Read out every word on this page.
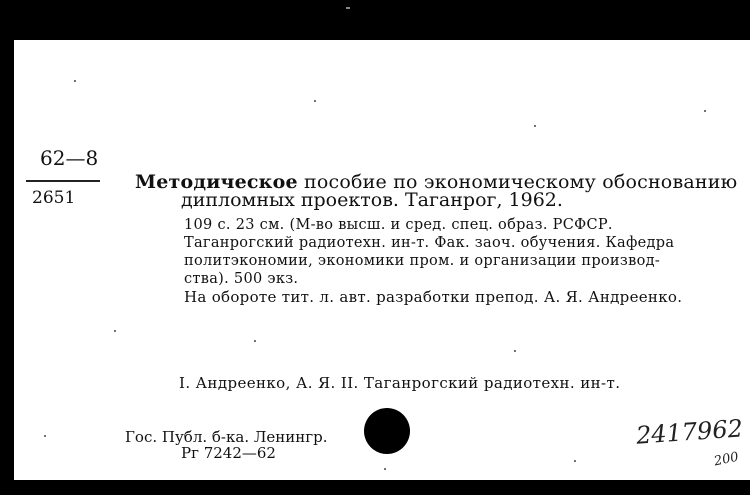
62—8
2651
Методическое пособие по экономическому обоснованию
дипломных проектов. Таганрог, 1962.
109 с. 23 см. (М-во высш. и сред. спец. образ. РСФСР.
Таганрогский радиотехн. ин-т. Фак. заоч. обучения. Кафедра
политэкономии, экономики пром. и организации производ-
ства). 500 экз.
На обороте тит. л. авт. разработки препод. А. Я. Андреенко.
I. Андреенко, А. Я. II. Таганрогский радиотехн. ин-т.
Гос. Публ. б-ка. Ленингр.
Рг 7242—62
2417962
200
